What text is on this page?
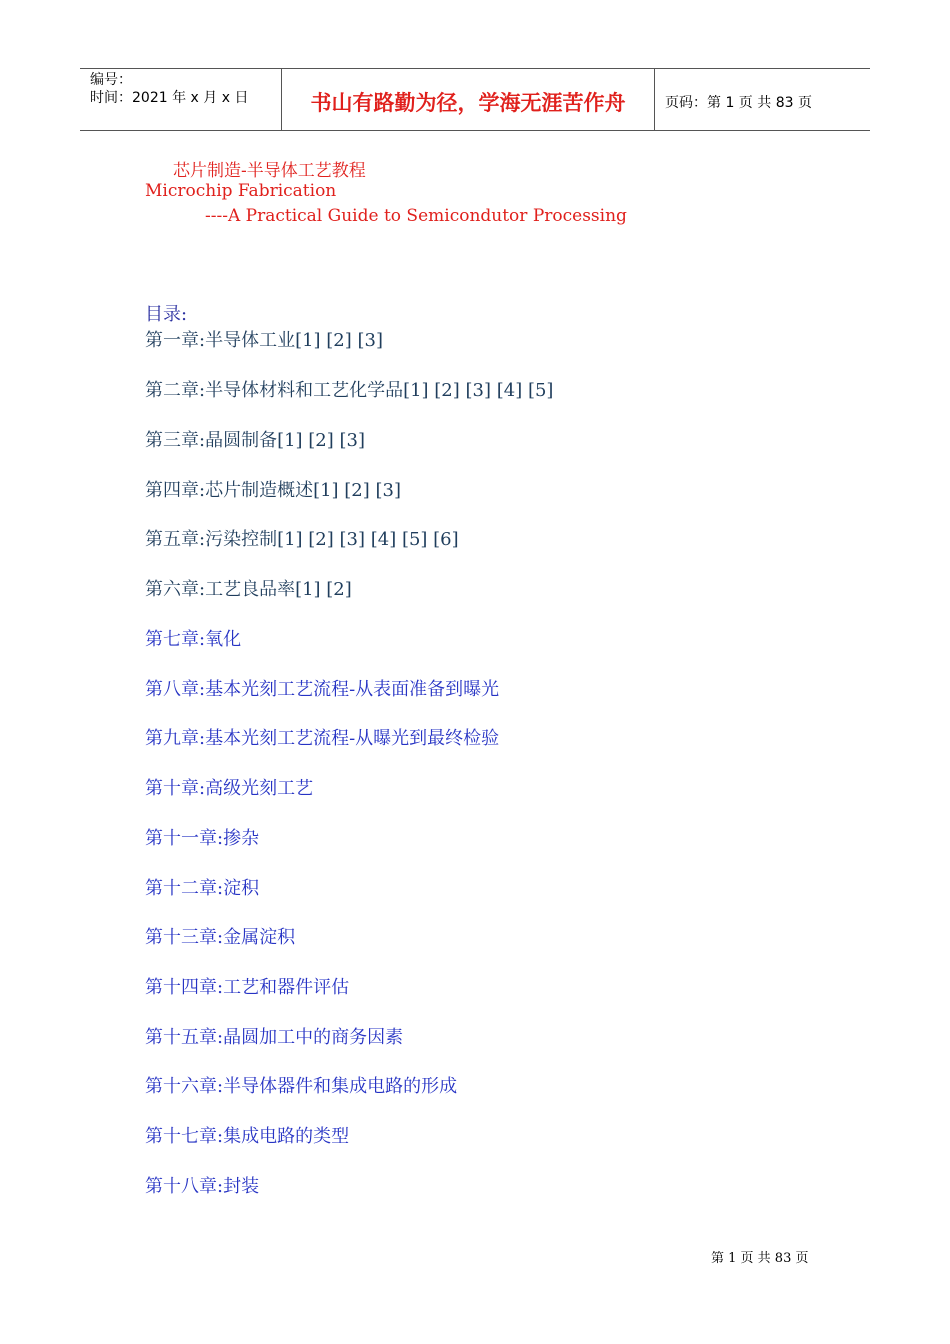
编号：
时间：2021 年 x 月 x 日	书山有路勤为径，学海无涯苦作舟	页码：第 1 页 共 83 页
芯片制造-半导体工艺教程
Microchip Fabrication
----A Practical Guide to Semicondutor Processing
目录:
第一章:半导体工业[1] [2] [3]
第二章:半导体材料和工艺化学品[1] [2] [3] [4] [5]
第三章:晶圆制备[1] [2] [3]
第四章:芯片制造概述[1] [2] [3]
第五章:污染控制[1] [2] [3] [4] [5] [6]
第六章:工艺良品率[1] [2]
第七章:氧化
第八章:基本光刻工艺流程-从表面准备到曝光
第九章:基本光刻工艺流程-从曝光到最终检验
第十章:高级光刻工艺
第十一章:掺杂
第十二章:淀积
第十三章:金属淀积
第十四章:工艺和器件评估
第十五章:晶圆加工中的商务因素
第十六章:半导体器件和集成电路的形成
第十七章:集成电路的类型
第十八章:封装
第 1 页 共 83 页
